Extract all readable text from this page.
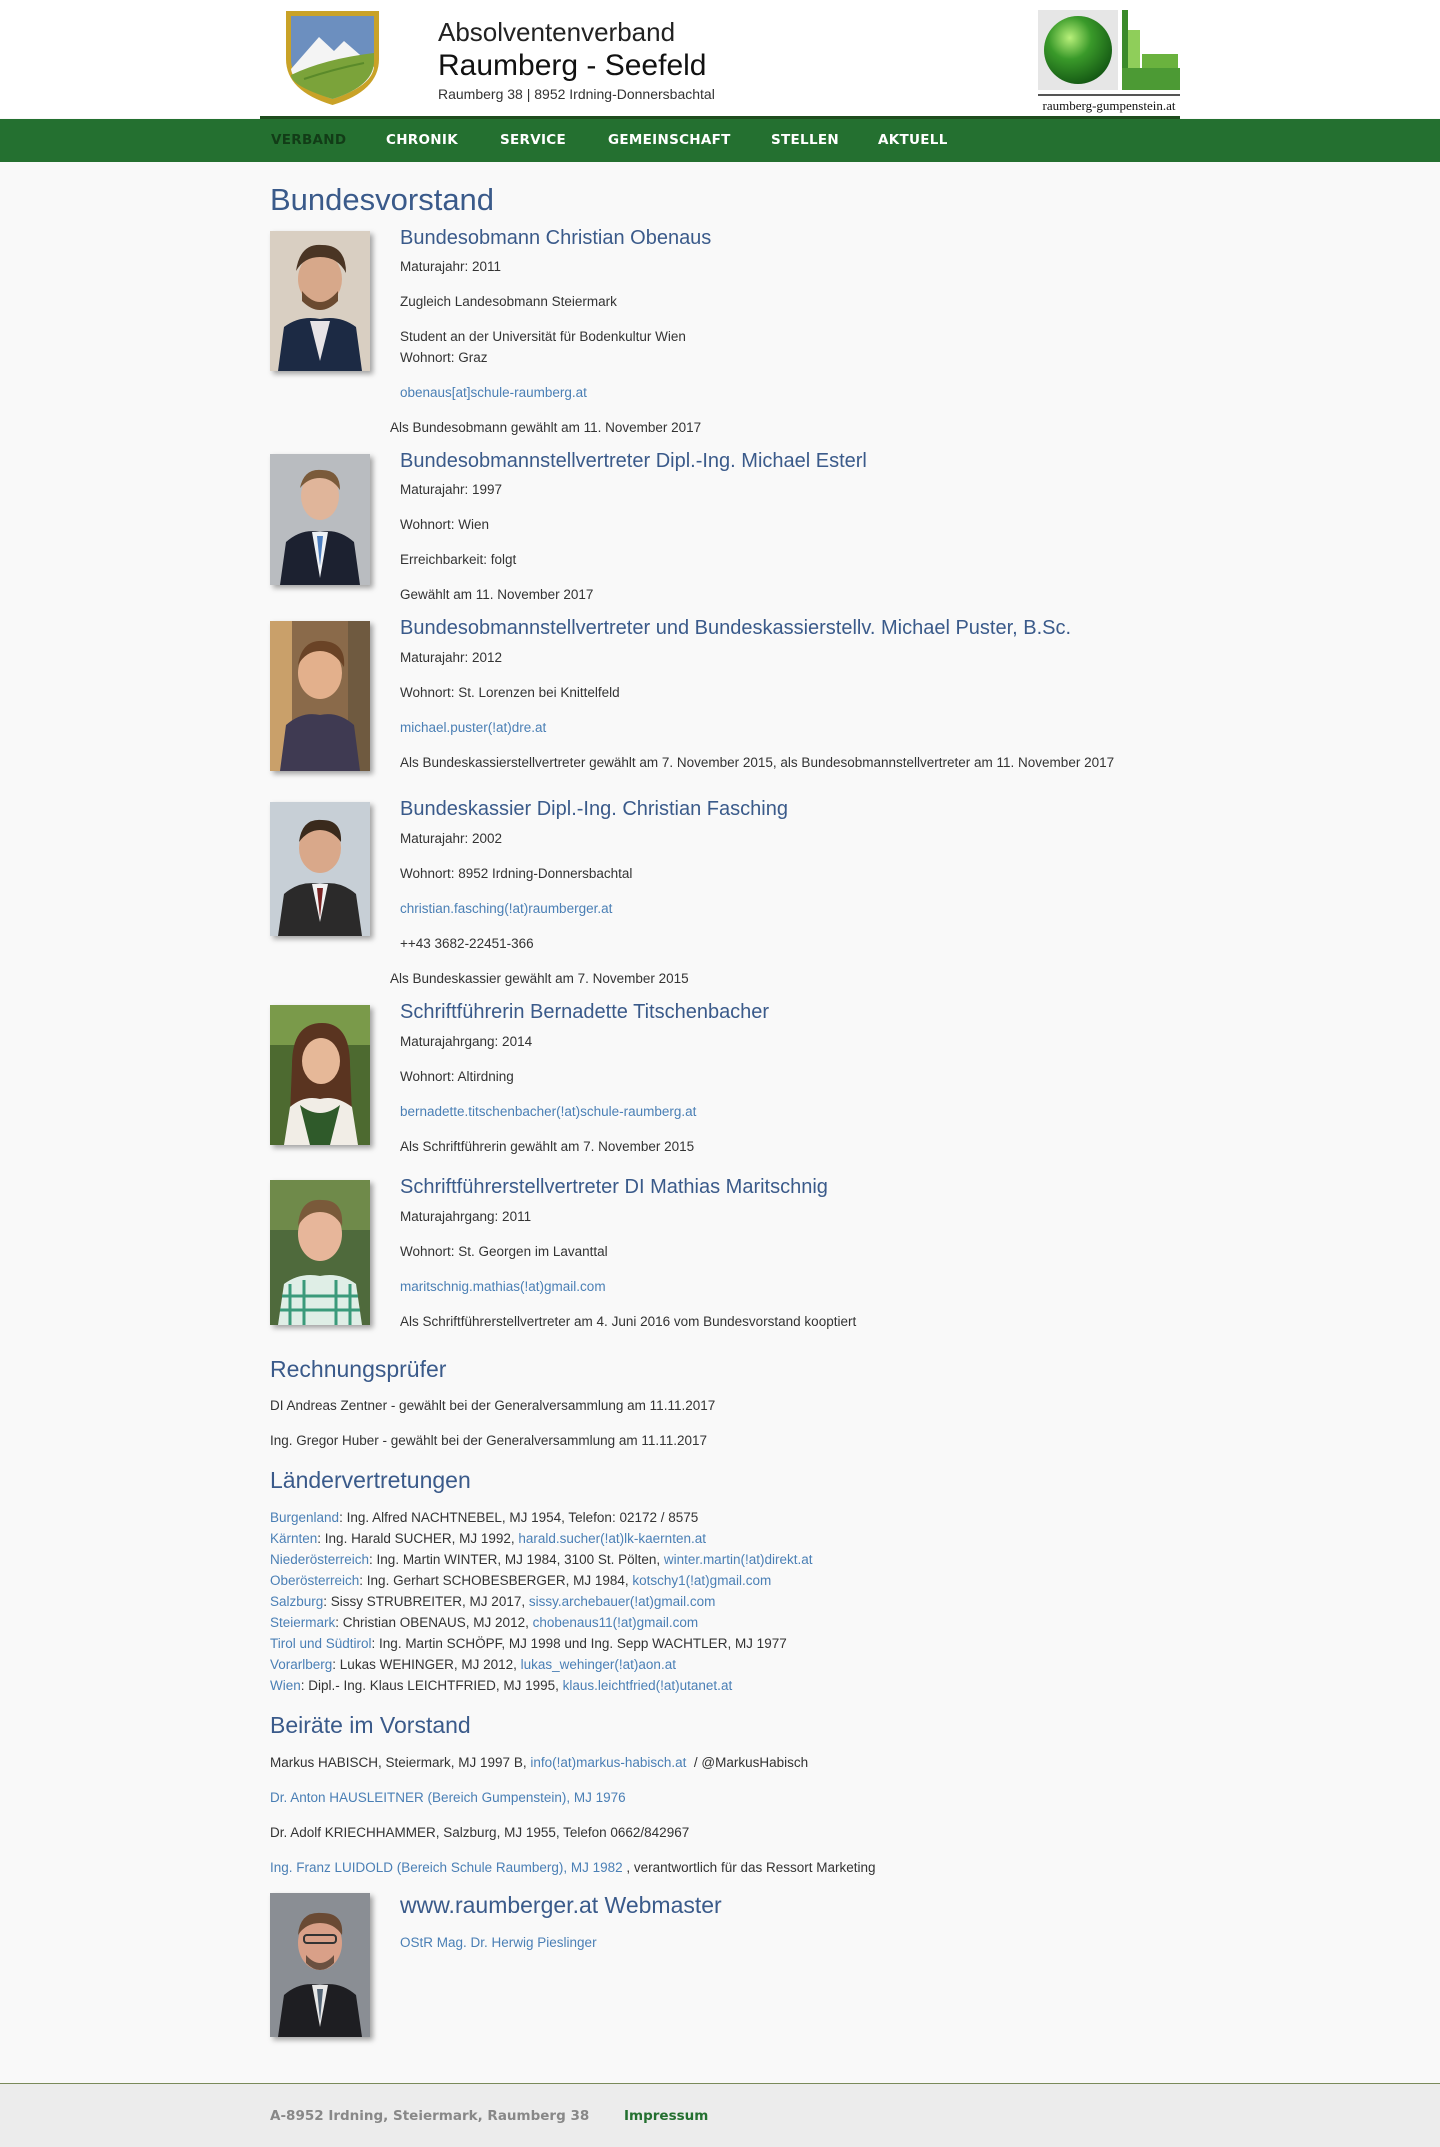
Absolventenverband
Raumberg - Seefeld
Raumberg 38 | 8952 Irdning-Donnersbachtal
raumberg-gumpenstein.at
VERBAND	CHRONIK	SERVICE	GEMEINSCHAFT	STELLEN	AKTUELL
Bundesvorstand
Bundesobmann Christian Obenaus
Maturajahr: 2011
Zugleich Landesobmann Steiermark
Student an der Universität für Bodenkultur Wien
Wohnort: Graz
obenaus[at]schule-raumberg.at
Als Bundesobmann gewählt am 11. November 2017
Bundesobmannstellvertreter Dipl.-Ing. Michael Esterl
Maturajahr: 1997
Wohnort: Wien
Erreichbarkeit: folgt
Gewählt am 11. November 2017
Bundesobmannstellvertreter und Bundeskassierstellv. Michael Puster, B.Sc.
Maturajahr: 2012
Wohnort: St. Lorenzen bei Knittelfeld
michael.puster(!at)dre.at
Als Bundeskassierstellvertreter gewählt am 7. November 2015, als Bundesobmannstellvertreter am 11. November 2017
Bundeskassier Dipl.-Ing. Christian Fasching
Maturajahr: 2002
Wohnort: 8952 Irdning-Donnersbachtal
christian.fasching(!at)raumberger.at
++43 3682-22451-366
Als Bundeskassier gewählt am 7. November 2015
Schriftführerin Bernadette Titschenbacher
Maturajahrgang: 2014
Wohnort: Altirdning
bernadette.titschenbacher(!at)schule-raumberg.at
Als Schriftführerin gewählt am 7. November 2015
Schriftführerstellvertreter DI Mathias Maritschnig
Maturajahrgang: 2011
Wohnort: St. Georgen im Lavanttal
maritschnig.mathias(!at)gmail.com
Als Schriftführerstellvertreter am 4. Juni 2016 vom Bundesvorstand kooptiert
Rechnungsprüfer
DI Andreas Zentner - gewählt bei der Generalversammlung am 11.11.2017
Ing. Gregor Huber - gewählt bei der Generalversammlung am 11.11.2017
Ländervertretungen
Burgenland: Ing. Alfred NACHTNEBEL, MJ 1954, Telefon: 02172 / 8575
Kärnten: Ing. Harald SUCHER, MJ 1992, harald.sucher(!at)lk-kaernten.at
Niederösterreich: Ing. Martin WINTER, MJ 1984, 3100 St. Pölten, winter.martin(!at)direkt.at
Oberösterreich: Ing. Gerhart SCHOBESBERGER, MJ 1984, kotschy1(!at)gmail.com
Salzburg: Sissy STRUBREITER, MJ 2017, sissy.archebauer(!at)gmail.com
Steiermark: Christian OBENAUS, MJ 2012, chobenaus11(!at)gmail.com
Tirol und Südtirol: Ing. Martin SCHÖPF, MJ 1998 und Ing. Sepp WACHTLER, MJ 1977
Vorarlberg: Lukas WEHINGER, MJ 2012, lukas_wehinger(!at)aon.at
Wien: Dipl.- Ing. Klaus LEICHTFRIED, MJ 1995, klaus.leichtfried(!at)utanet.at
Beiräte im Vorstand
Markus HABISCH, Steiermark, MJ 1997 B, info(!at)markus-habisch.at  / @MarkusHabisch
Dr. Anton HAUSLEITNER (Bereich Gumpenstein), MJ 1976
Dr. Adolf KRIECHHAMMER, Salzburg, MJ 1955, Telefon 0662/842967
Ing. Franz LUIDOLD (Bereich Schule Raumberg), MJ 1982 , verantwortlich für das Ressort Marketing
www.raumberger.at Webmaster
OStR Mag. Dr. Herwig Pieslinger
A-8952 Irdning, Steiermark, Raumberg 38	Impressum
